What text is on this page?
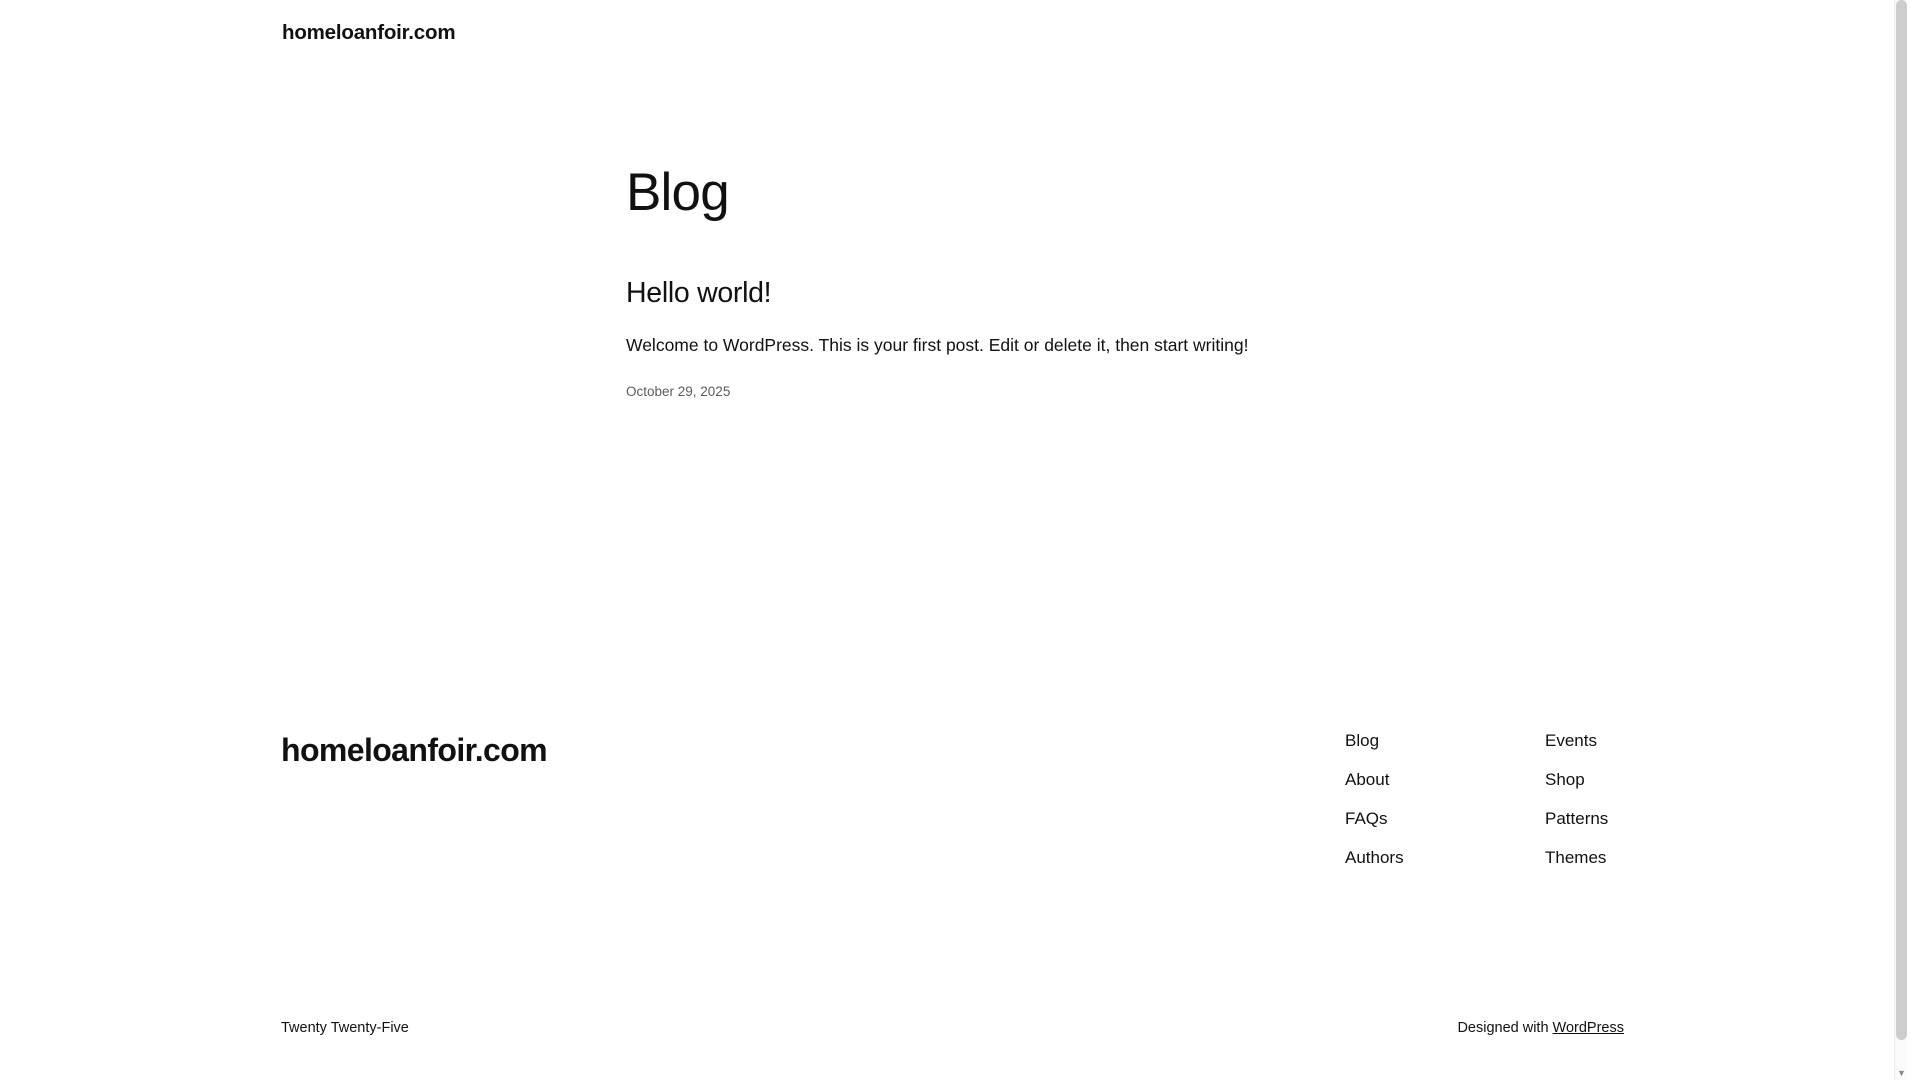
homeloanfoir.com
Blog
Hello world!

Welcome to WordPress. This is your first post. Edit or delete it, then start writing!

October 29, 2025

homeloanfoir.com	Blog
About
FAQs
Authors
Events
Shop
Patterns
Themes
Twenty Twenty-Five	Designed with WordPress
▼
